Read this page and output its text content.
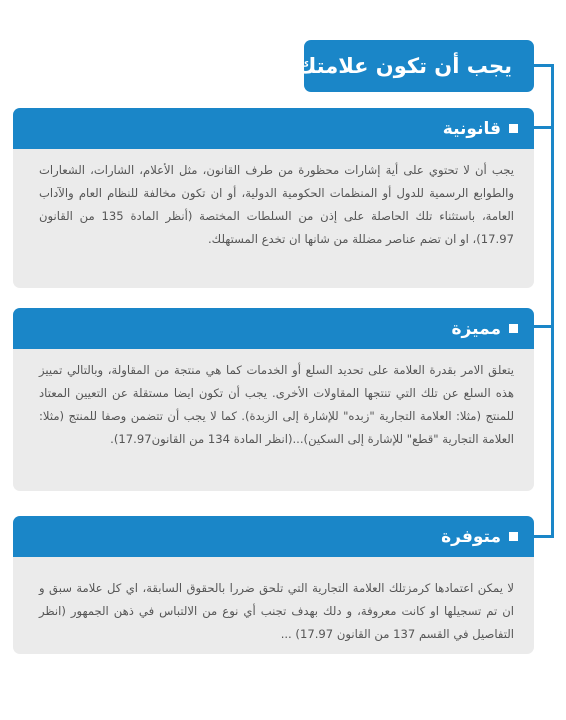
يجب أن تكون علامتك
قانونية

يجب أن لا تحتوي على أية إشارات محظورة من طرف القانون، مثل الأعلام، الشارات، الشعارات والطوابع الرسمية للدول أو المنظمات الحكومية الدولية، أو ان تكون مخالفة للنظام العام والآداب العامة، باستثناء تلك الحاصلة على إذن من السلطات المختصة (أنظر المادة 135 من القانون 17.97)، او ان تضم عناصر مضللة من شانها ان تخدع المستهلك.

مميزة

يتعلق الامر بقدرة العلامة على تحديد السلع أو الخدمات كما هي منتجة من المقاولة، وبالتالي تمييز هذه السلع عن تلك التي تنتجها المقاولات الأخرى. يجب أن تكون ايضا مستقلة عن التعيين المعتاد للمنتج (مثلا: العلامة التجارية "زبده" للإشارة إلى الزبدة). كما لا يجب أن تتضمن وصفا للمنتج (مثلا: العلامة التجارية "قطع" للإشارة إلى السكين)...(انظر المادة 134 من القانون17.97).

متوفرة

لا يمكن اعتمادها كرمزتلك العلامة التجارية التي تلحق ضررا بالحقوق السابقة، اي كل علامة سبق و ان تم تسجيلها او كانت معروفة، و دلك بهدف تجنب أي نوع من الالتباس في ذهن الجمهور (انظر التفاصيل في القسم 137 من القانون 17.97) ...
